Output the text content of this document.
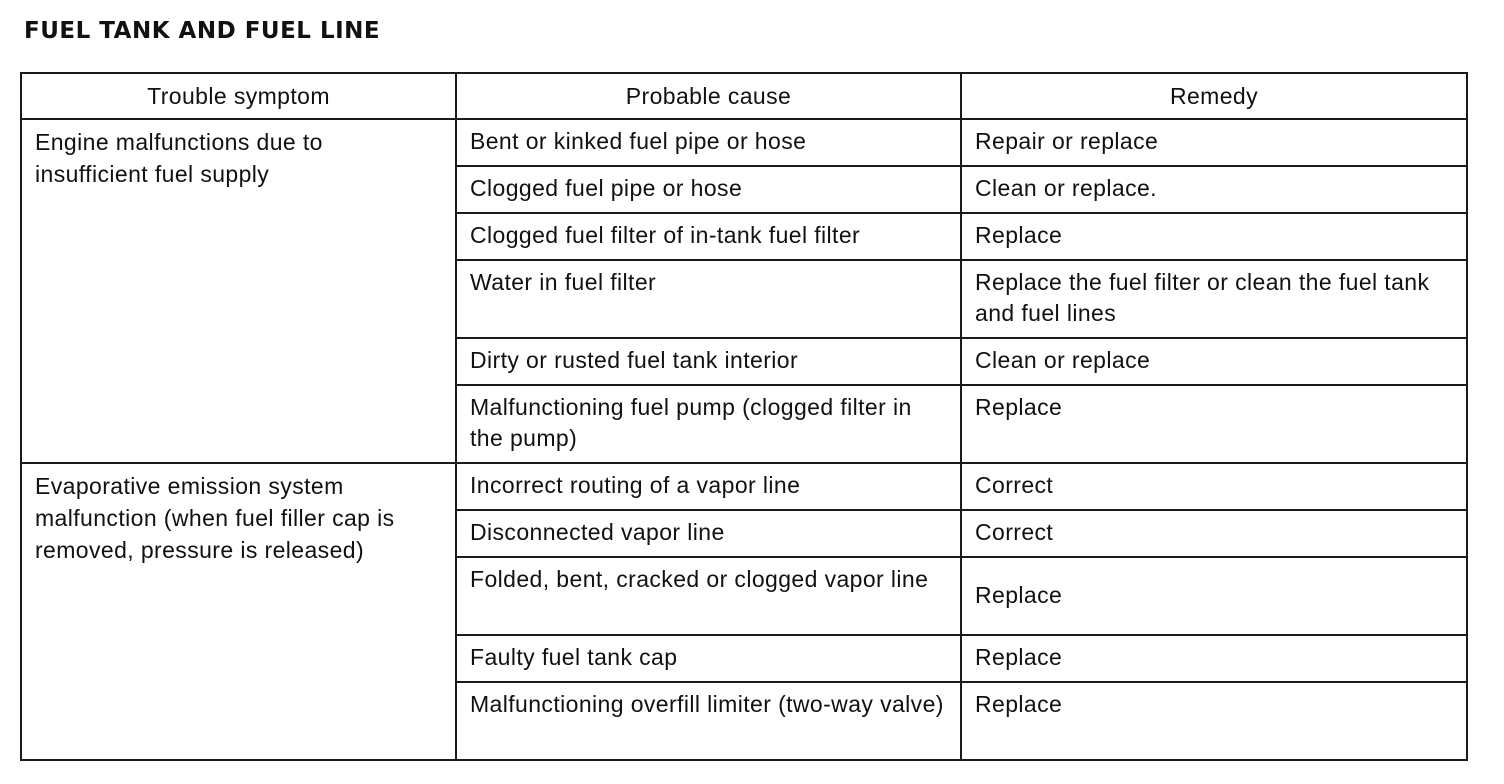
FUEL TANK AND FUEL LINE
Trouble symptom	Probable cause	Remedy
Engine malfunctions due to insufficient fuel supply	Bent or kinked fuel pipe or hose	Repair or replace
	Clogged fuel pipe or hose	Clean or replace.
	Clogged fuel filter of in-tank fuel filter	Replace
	Water in fuel filter	Replace the fuel filter or clean the fuel tank and fuel lines
	Dirty or rusted fuel tank interior	Clean or replace
	Malfunctioning fuel pump (clogged filter in the pump)	Replace
Evaporative emission system malfunction (when fuel filler cap is removed, pressure is released)	Incorrect routing of a vapor line	Correct
	Disconnected vapor line	Correct
	Folded, bent, cracked or clogged vapor line	Replace
	Faulty fuel tank cap	Replace
	Malfunctioning overfill limiter (two-way valve)	Replace
